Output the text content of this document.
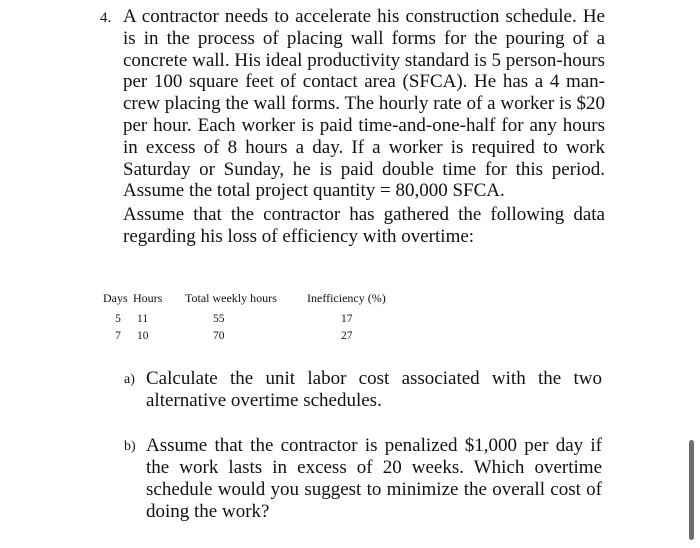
4. A contractor needs to accelerate his construction schedule. He is in the process of placing wall forms for the pouring of a concrete wall. His ideal productivity standard is 5 person-hours per 100 square feet of contact area (SFCA). He has a 4 man-crew placing the wall forms. The hourly rate of a worker is $20 per hour. Each worker is paid time-and-one-half for any hours in excess of 8 hours a day. If a worker is required to work Saturday or Sunday, he is paid double time for this period. Assume the total project quantity = 80,000 SFCA.

Assume that the contractor has gathered the following data regarding his loss of efficiency with overtime:

Days	Hours	Total weekly hours	Inefficiency (%)
5	11	55	17
7	10	70	27
a) Calculate the unit labor cost associated with the two alternative overtime schedules.
b) Assume that the contractor is penalized $1,000 per day if the work lasts in excess of 20 weeks. Which overtime schedule would you suggest to minimize the overall cost of doing the work?
